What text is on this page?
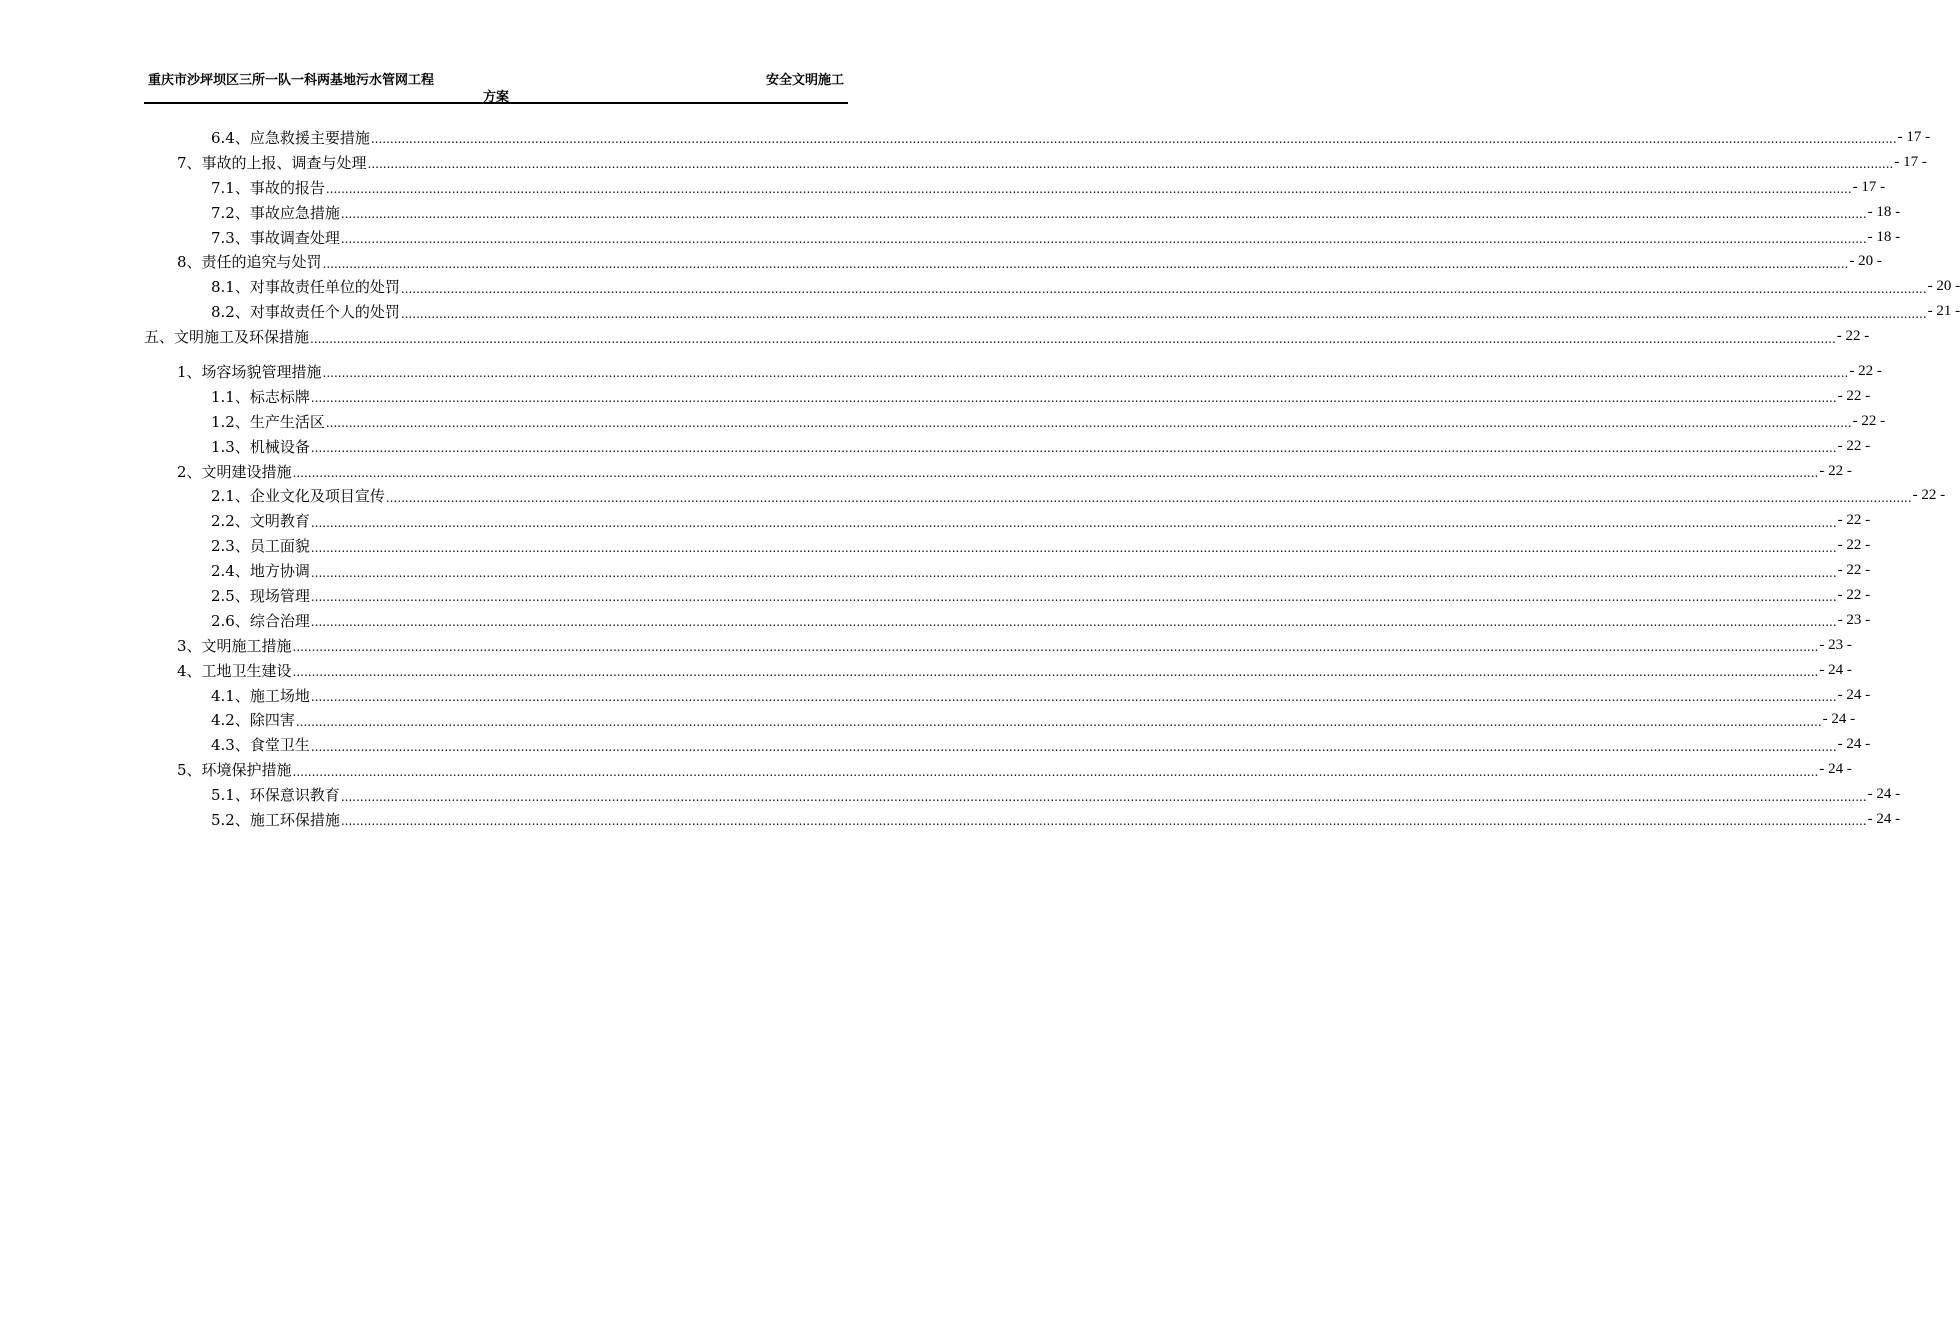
重庆市沙坪坝区三所一队一科两基地污水管网工程
方案
安全文明施工
6.4、应急救援主要措施 ................................................................................................................................................................................................................................................................................................................................................................................................................ - 17 -
7、事故的上报、调查与处理 ................................................................................................................................................................................................................................................................................................................................................................................................................ - 17 -
7.1、事故的报告 ................................................................................................................................................................................................................................................................................................................................................................................................................ - 17 -
7.2、事故应急措施 ................................................................................................................................................................................................................................................................................................................................................................................................................ - 18 -
7.3、事故调查处理 ................................................................................................................................................................................................................................................................................................................................................................................................................ - 18 -
8、责任的追究与处罚 ................................................................................................................................................................................................................................................................................................................................................................................................................ - 20 -
8.1、对事故责任单位的处罚 ................................................................................................................................................................................................................................................................................................................................................................................................................ - 20 -
8.2、对事故责任个人的处罚 ................................................................................................................................................................................................................................................................................................................................................................................................................ - 21 -
五、文明施工及环保措施 ................................................................................................................................................................................................................................................................................................................................................................................................................ - 22 -
1、场容场貌管理措施 ................................................................................................................................................................................................................................................................................................................................................................................................................ - 22 -
1.1、标志标牌 ................................................................................................................................................................................................................................................................................................................................................................................................................ - 22 -
1.2、生产生活区 ................................................................................................................................................................................................................................................................................................................................................................................................................ - 22 -
1.3、机械设备 ................................................................................................................................................................................................................................................................................................................................................................................................................ - 22 -
2、文明建设措施 ................................................................................................................................................................................................................................................................................................................................................................................................................ - 22 -
2.1、企业文化及项目宣传 ................................................................................................................................................................................................................................................................................................................................................................................................................ - 22 -
2.2、文明教育 ................................................................................................................................................................................................................................................................................................................................................................................................................ - 22 -
2.3、员工面貌 ................................................................................................................................................................................................................................................................................................................................................................................................................ - 22 -
2.4、地方协调 ................................................................................................................................................................................................................................................................................................................................................................................................................ - 22 -
2.5、现场管理 ................................................................................................................................................................................................................................................................................................................................................................................................................ - 22 -
2.6、综合治理 ................................................................................................................................................................................................................................................................................................................................................................................................................ - 23 -
3、文明施工措施 ................................................................................................................................................................................................................................................................................................................................................................................................................ - 23 -
4、工地卫生建设 ................................................................................................................................................................................................................................................................................................................................................................................................................ - 24 -
4.1、施工场地 ................................................................................................................................................................................................................................................................................................................................................................................................................ - 24 -
4.2、除四害 ................................................................................................................................................................................................................................................................................................................................................................................................................ - 24 -
4.3、食堂卫生 ................................................................................................................................................................................................................................................................................................................................................................................................................ - 24 -
5、环境保护措施 ................................................................................................................................................................................................................................................................................................................................................................................................................ - 24 -
5.1、环保意识教育 ................................................................................................................................................................................................................................................................................................................................................................................................................ - 24 -
5.2、施工环保措施 ................................................................................................................................................................................................................................................................................................................................................................................................................ - 24 -
